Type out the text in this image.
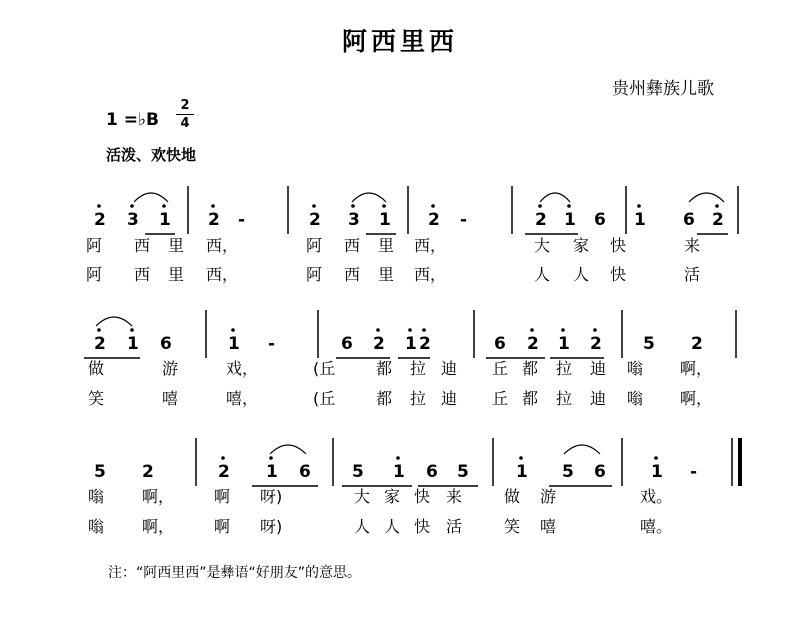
阿西里西
贵州彝族儿歌
1 =♭B
2
4
活泼、欢快地
2 3 1 2 -	2 3 1 2 -	2 1 6 1 6 2
阿 西 里 西，	阿 西 里 西，	大 家 快	来
阿 西 里 西，	阿 西 里 西，	人 人 快	活
2 1 6	1 -	6 2 1 2	6 2 1 2 5 2
做	游	戏，	(丘	都 拉 迪 丘 都 拉 迪 嗡 啊，
笑	嘻	嘻，	(丘	都 拉 迪 丘 都 拉 迪 嗡 啊，
5 2	2 1 6 5 1 6 5	1 5 6	1 -
嗡 啊， 啊 呀)	大 家 快 来	做 游	戏。
嗡 啊， 啊 呀)	人 人 快 活	笑 嘻	嘻。
注：“阿西里西”是彝语“好朋友”的意思。
